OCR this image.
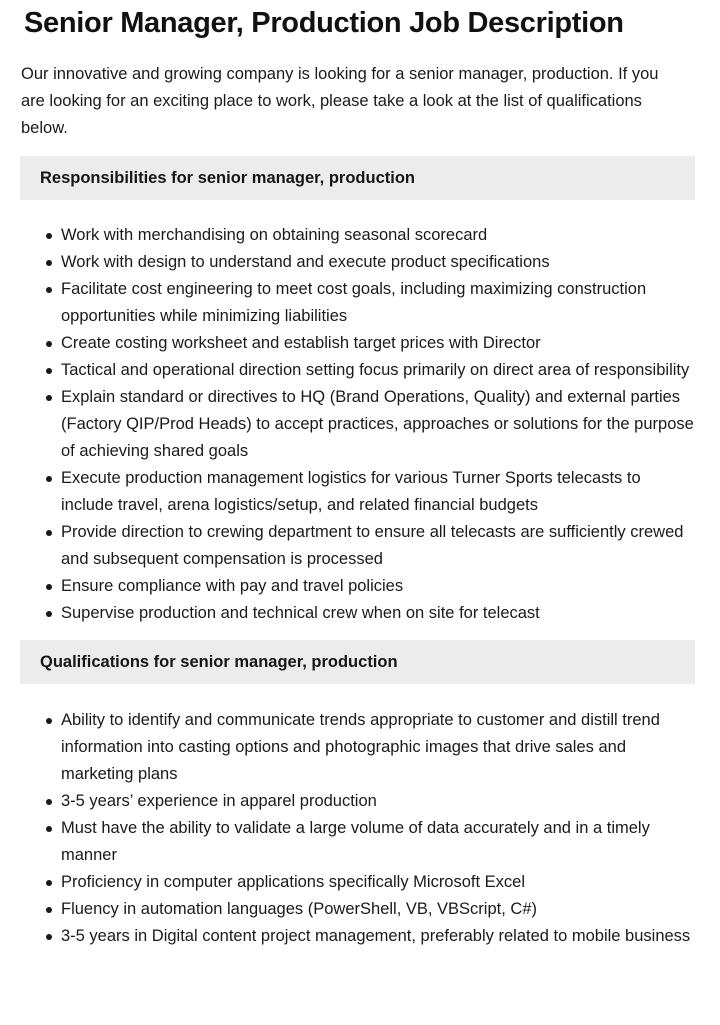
Senior Manager, Production Job Description

Our innovative and growing company is looking for a senior manager, production. If you are looking for an exciting place to work, please take a look at the list of qualifications below.

Responsibilities for senior manager, production
Work with merchandising on obtaining seasonal scorecard
Work with design to understand and execute product specifications
Facilitate cost engineering to meet cost goals, including maximizing construction opportunities while minimizing liabilities
Create costing worksheet and establish target prices with Director
Tactical and operational direction setting focus primarily on direct area of responsibility
Explain standard or directives to HQ (Brand Operations, Quality) and external parties (Factory QIP/Prod Heads) to accept practices, approaches or solutions for the purpose of achieving shared goals
Execute production management logistics for various Turner Sports telecasts to include travel, arena logistics/setup, and related financial budgets
Provide direction to crewing department to ensure all telecasts are sufficiently crewed and subsequent compensation is processed
Ensure compliance with pay and travel policies
Supervise production and technical crew when on site for telecast
Qualifications for senior manager, production
Ability to identify and communicate trends appropriate to customer and distill trend information into casting options and photographic images that drive sales and marketing plans
3-5 years’ experience in apparel production
Must have the ability to validate a large volume of data accurately and in a timely manner
Proficiency in computer applications specifically Microsoft Excel
Fluency in automation languages (PowerShell, VB, VBScript, C#)
3-5 years in Digital content project management, preferably related to mobile business
